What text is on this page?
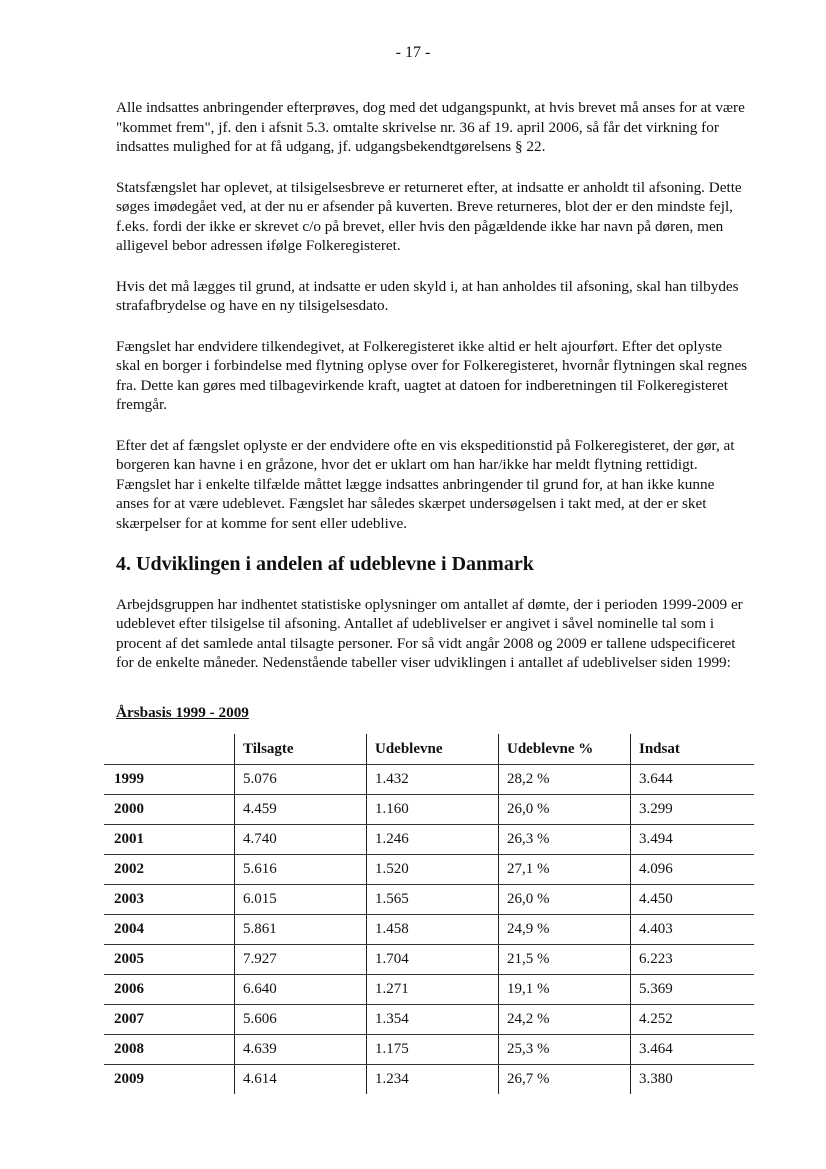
- 17 -

Alle indsattes anbringender efterprøves, dog med det udgangspunkt, at hvis brevet må anses for at være "kommet frem", jf. den i afsnit 5.3. omtalte skrivelse nr. 36 af 19. april 2006, så får det virkning for indsattes mulighed for at få udgang, jf. udgangsbekendtgørelsens § 22.

Statsfængslet har oplevet, at tilsigelsesbreve er returneret efter, at indsatte er anholdt til afsoning. Dette søges imødegået ved, at der nu er afsender på kuverten. Breve returneres, blot der er den mindste fejl, f.eks. fordi der ikke er skrevet c/o på brevet, eller hvis den pågældende ikke har navn på døren, men alligevel bebor adressen ifølge Folkeregisteret.

Hvis det må lægges til grund, at indsatte er uden skyld i, at han anholdes til afsoning, skal han tilbydes strafafbrydelse og have en ny tilsigelsesdato.

Fængslet har endvidere tilkendegivet, at Folkeregisteret ikke altid er helt ajourført. Efter det oplyste skal en borger i forbindelse med flytning oplyse over for Folkeregisteret, hvornår flytningen skal regnes fra. Dette kan gøres med tilbagevirkende kraft, uagtet at datoen for indberetningen til Folkeregisteret fremgår.

Efter det af fængslet oplyste er der endvidere ofte en vis ekspeditionstid på Folkeregisteret, der gør, at borgeren kan havne i en gråzone, hvor det er uklart om han har/ikke har meldt flytning rettidigt. Fængslet har i enkelte tilfælde måttet lægge indsattes anbringender til grund for, at han ikke kunne anses for at være udeblevet. Fængslet har således skærpet undersøgelsen i takt med, at der er sket skærpelser for at komme for sent eller udeblive.

4. Udviklingen i andelen af udeblevne i Danmark

Arbejdsgruppen har indhentet statistiske oplysninger om antallet af dømte, der i perioden 1999-2009 er udeblevet efter tilsigelse til afsoning. Antallet af udeblivelser er angivet i såvel nominelle tal som i procent af det samlede antal tilsagte personer. For så vidt angår 2008 og 2009 er tallene udspecificeret for de enkelte måneder. Nedenstående tabeller viser udviklingen i antallet af udeblivelser siden 1999:

Årsbasis 1999 - 2009
	Tilsagte	Udeblevne	Udeblevne %	Indsat
1999	5.076	1.432	28,2 %	3.644
2000	4.459	1.160	26,0 %	3.299
2001	4.740	1.246	26,3 %	3.494
2002	5.616	1.520	27,1 %	4.096
2003	6.015	1.565	26,0 %	4.450
2004	5.861	1.458	24,9 %	4.403
2005	7.927	1.704	21,5 %	6.223
2006	6.640	1.271	19,1 %	5.369
2007	5.606	1.354	24,2 %	4.252
2008	4.639	1.175	25,3 %	3.464
2009	4.614	1.234	26,7 %	3.380
